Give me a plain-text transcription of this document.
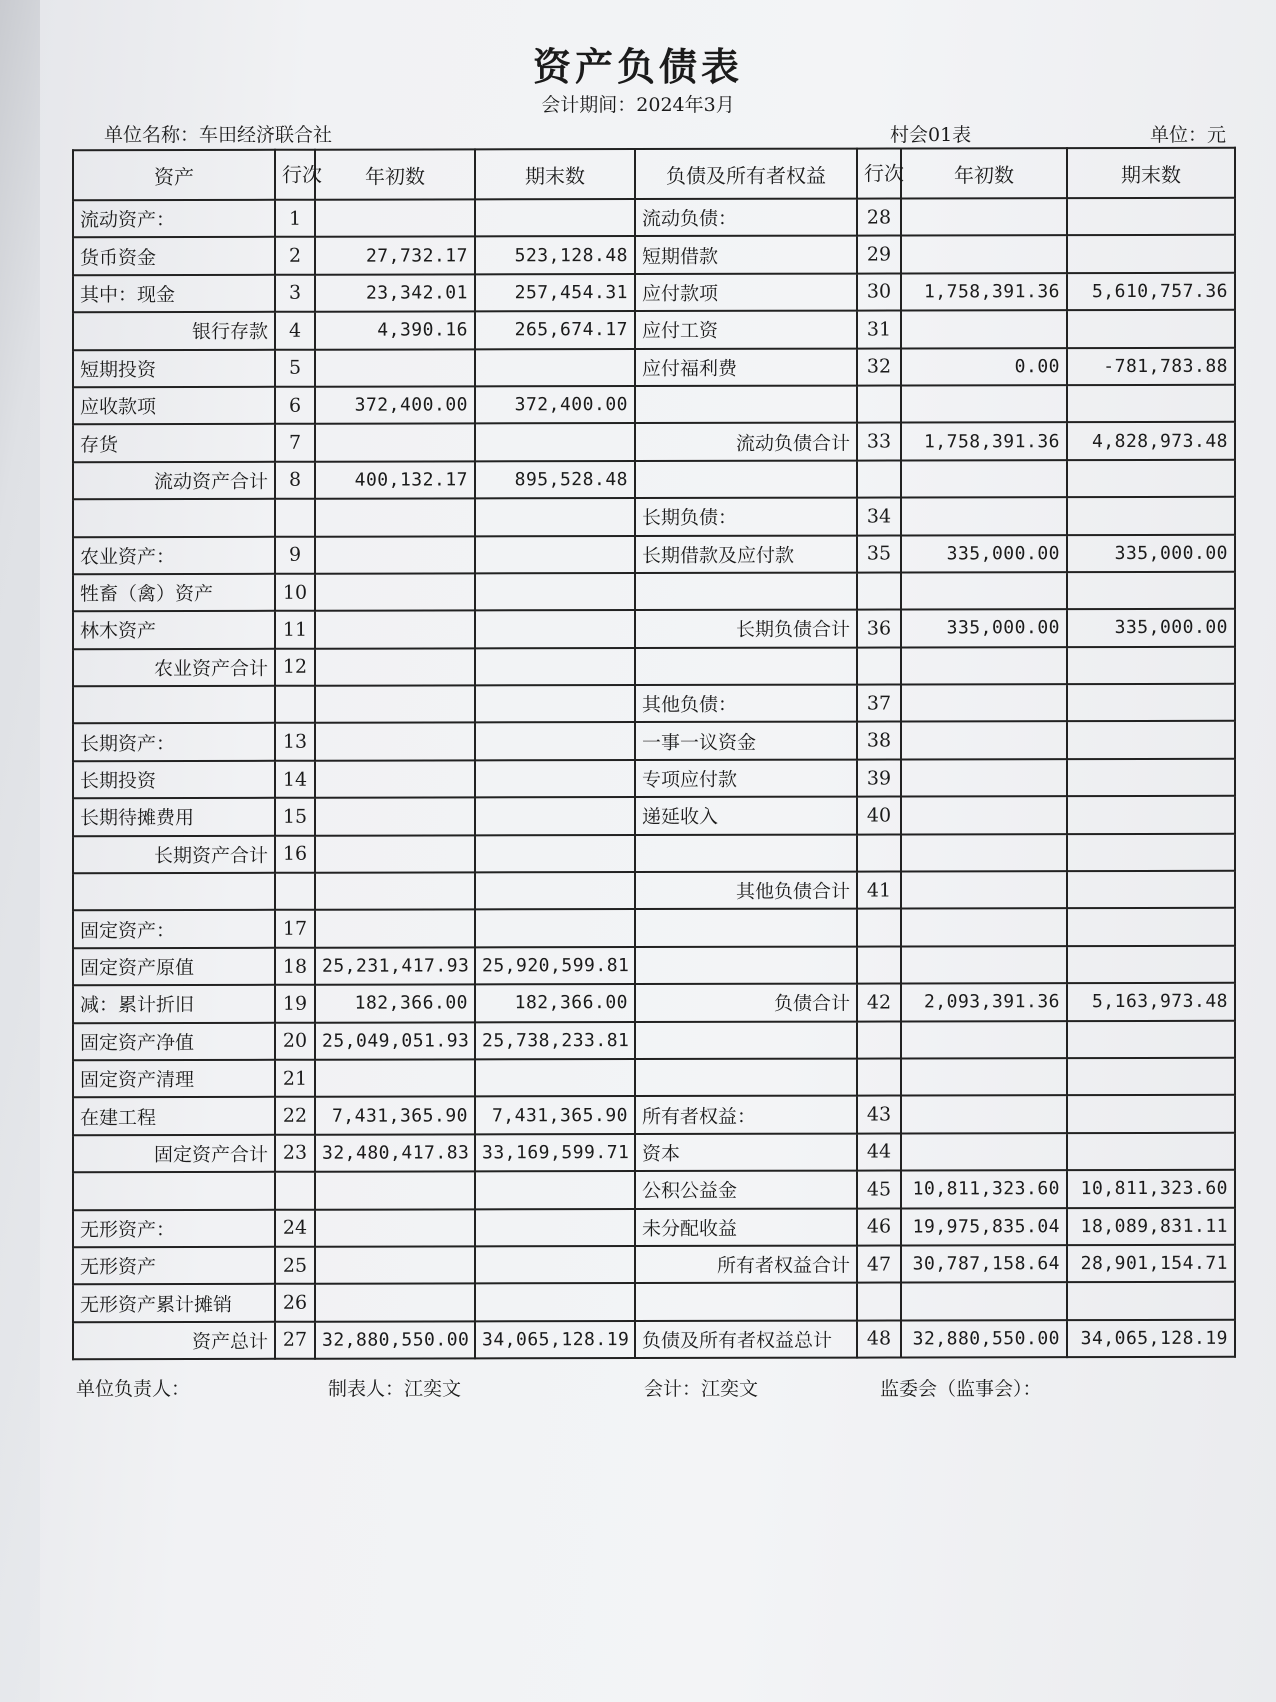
资产负债表
会计期间：2024年3月
单位名称：车田经济联合社	村会01表	单位：元
资产	行次	年初数	期末数	负债及所有者权益	行次	年初数	期末数
流动资产：	1			流动负债：	28		
货币资金	2	27,732.17	523,128.48	短期借款	29		
其中：现金	3	23,342.01	257,454.31	应付款项	30	1,758,391.36	5,610,757.36
银行存款	4	4,390.16	265,674.17	应付工资	31		
短期投资	5			应付福利费	32	0.00	-781,783.88
应收款项	6	372,400.00	372,400.00				
存货	7			流动负债合计	33	1,758,391.36	4,828,973.48
流动资产合计	8	400,132.17	895,528.48				
				长期负债：	34		
农业资产：	9			长期借款及应付款	35	335,000.00	335,000.00
牲畜（禽）资产	10						
林木资产	11			长期负债合计	36	335,000.00	335,000.00
农业资产合计	12						
				其他负债：	37		
长期资产：	13			一事一议资金	38		
长期投资	14			专项应付款	39		
长期待摊费用	15			递延收入	40		
长期资产合计	16						
				其他负债合计	41		
固定资产：	17						
固定资产原值	18	25,231,417.93	25,920,599.81				
减：累计折旧	19	182,366.00	182,366.00	负债合计	42	2,093,391.36	5,163,973.48
固定资产净值	20	25,049,051.93	25,738,233.81				
固定资产清理	21						
在建工程	22	7,431,365.90	7,431,365.90	所有者权益：	43		
固定资产合计	23	32,480,417.83	33,169,599.71	资本	44		
				公积公益金	45	10,811,323.60	10,811,323.60
无形资产：	24			未分配收益	46	19,975,835.04	18,089,831.11
无形资产	25			所有者权益合计	47	30,787,158.64	28,901,154.71
无形资产累计摊销	26						
资产总计	27	32,880,550.00	34,065,128.19	负债及所有者权益总计	48	32,880,550.00	34,065,128.19
单位负责人：	制表人：江奕文	会计：江奕文	监委会（监事会）：
